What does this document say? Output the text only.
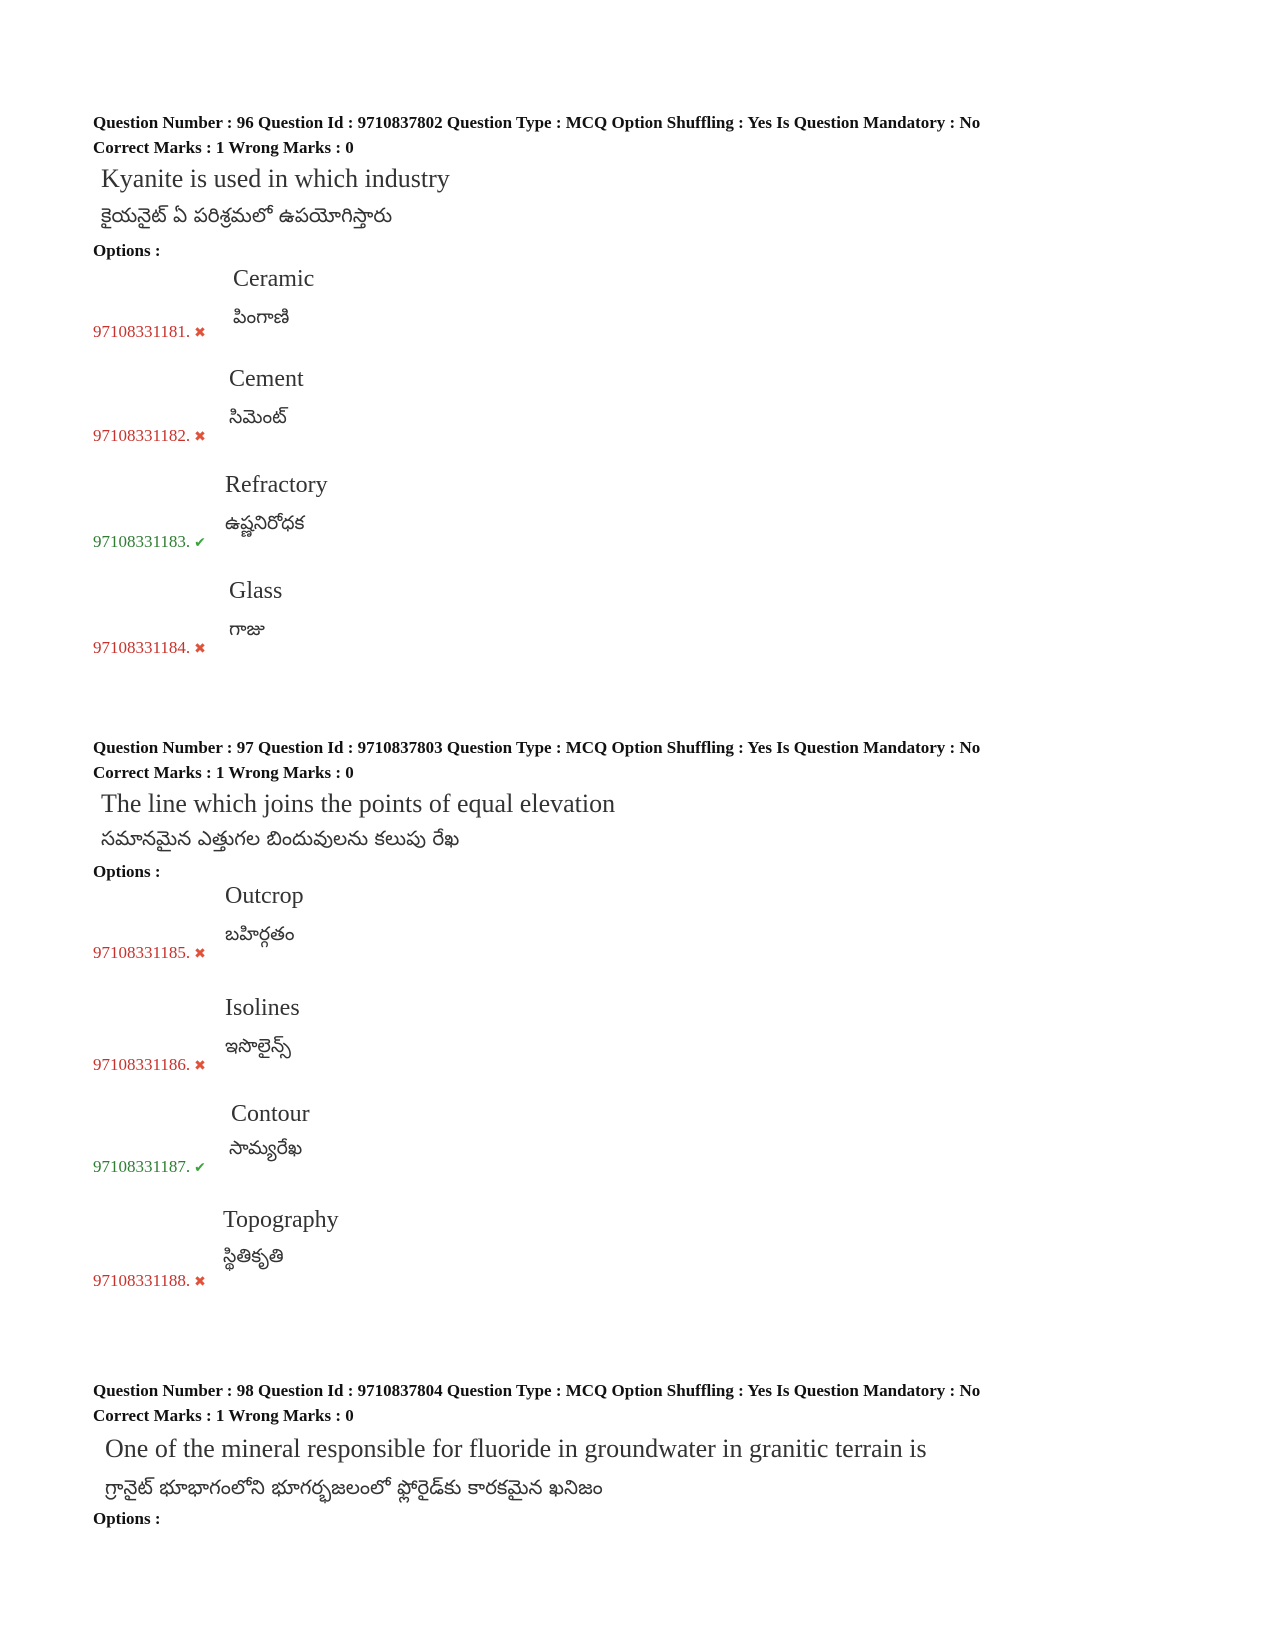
Question Number : 96 Question Id : 9710837802 Question Type : MCQ Option Shuffling : Yes Is Question Mandatory : No
Correct Marks : 1 Wrong Marks : 0
Kyanite is used in which industry
కైయనైట్ ఏ పరిశ్రమలో ఉపయోగిస్తారు
Options :
Ceramic
పింగాణి
97108331181. ✖
Cement
సిమెంట్
97108331182. ✖
Refractory
ఉష్ణనిరోధక
97108331183. ✔
Glass
గాజు
97108331184. ✖
Question Number : 97 Question Id : 9710837803 Question Type : MCQ Option Shuffling : Yes Is Question Mandatory : No
Correct Marks : 1 Wrong Marks : 0
The line which joins the points of equal elevation
సమానమైన ఎత్తుగల బిందువులను కలుపు రేఖ
Options :
Outcrop
బహిర్గతం
97108331185. ✖
Isolines
ఇసొలైన్స్
97108331186. ✖
Contour
సామ్యరేఖ
97108331187. ✔
Topography
స్థితికృతి
97108331188. ✖
Question Number : 98 Question Id : 9710837804 Question Type : MCQ Option Shuffling : Yes Is Question Mandatory : No
Correct Marks : 1 Wrong Marks : 0
One of the mineral responsible for fluoride in groundwater in granitic terrain is
గ్రానైట్ భూభాగంలోని భూగర్భజలంలో ఫ్లోరైడ్‌కు కారకమైన ఖనిజం
Options :
